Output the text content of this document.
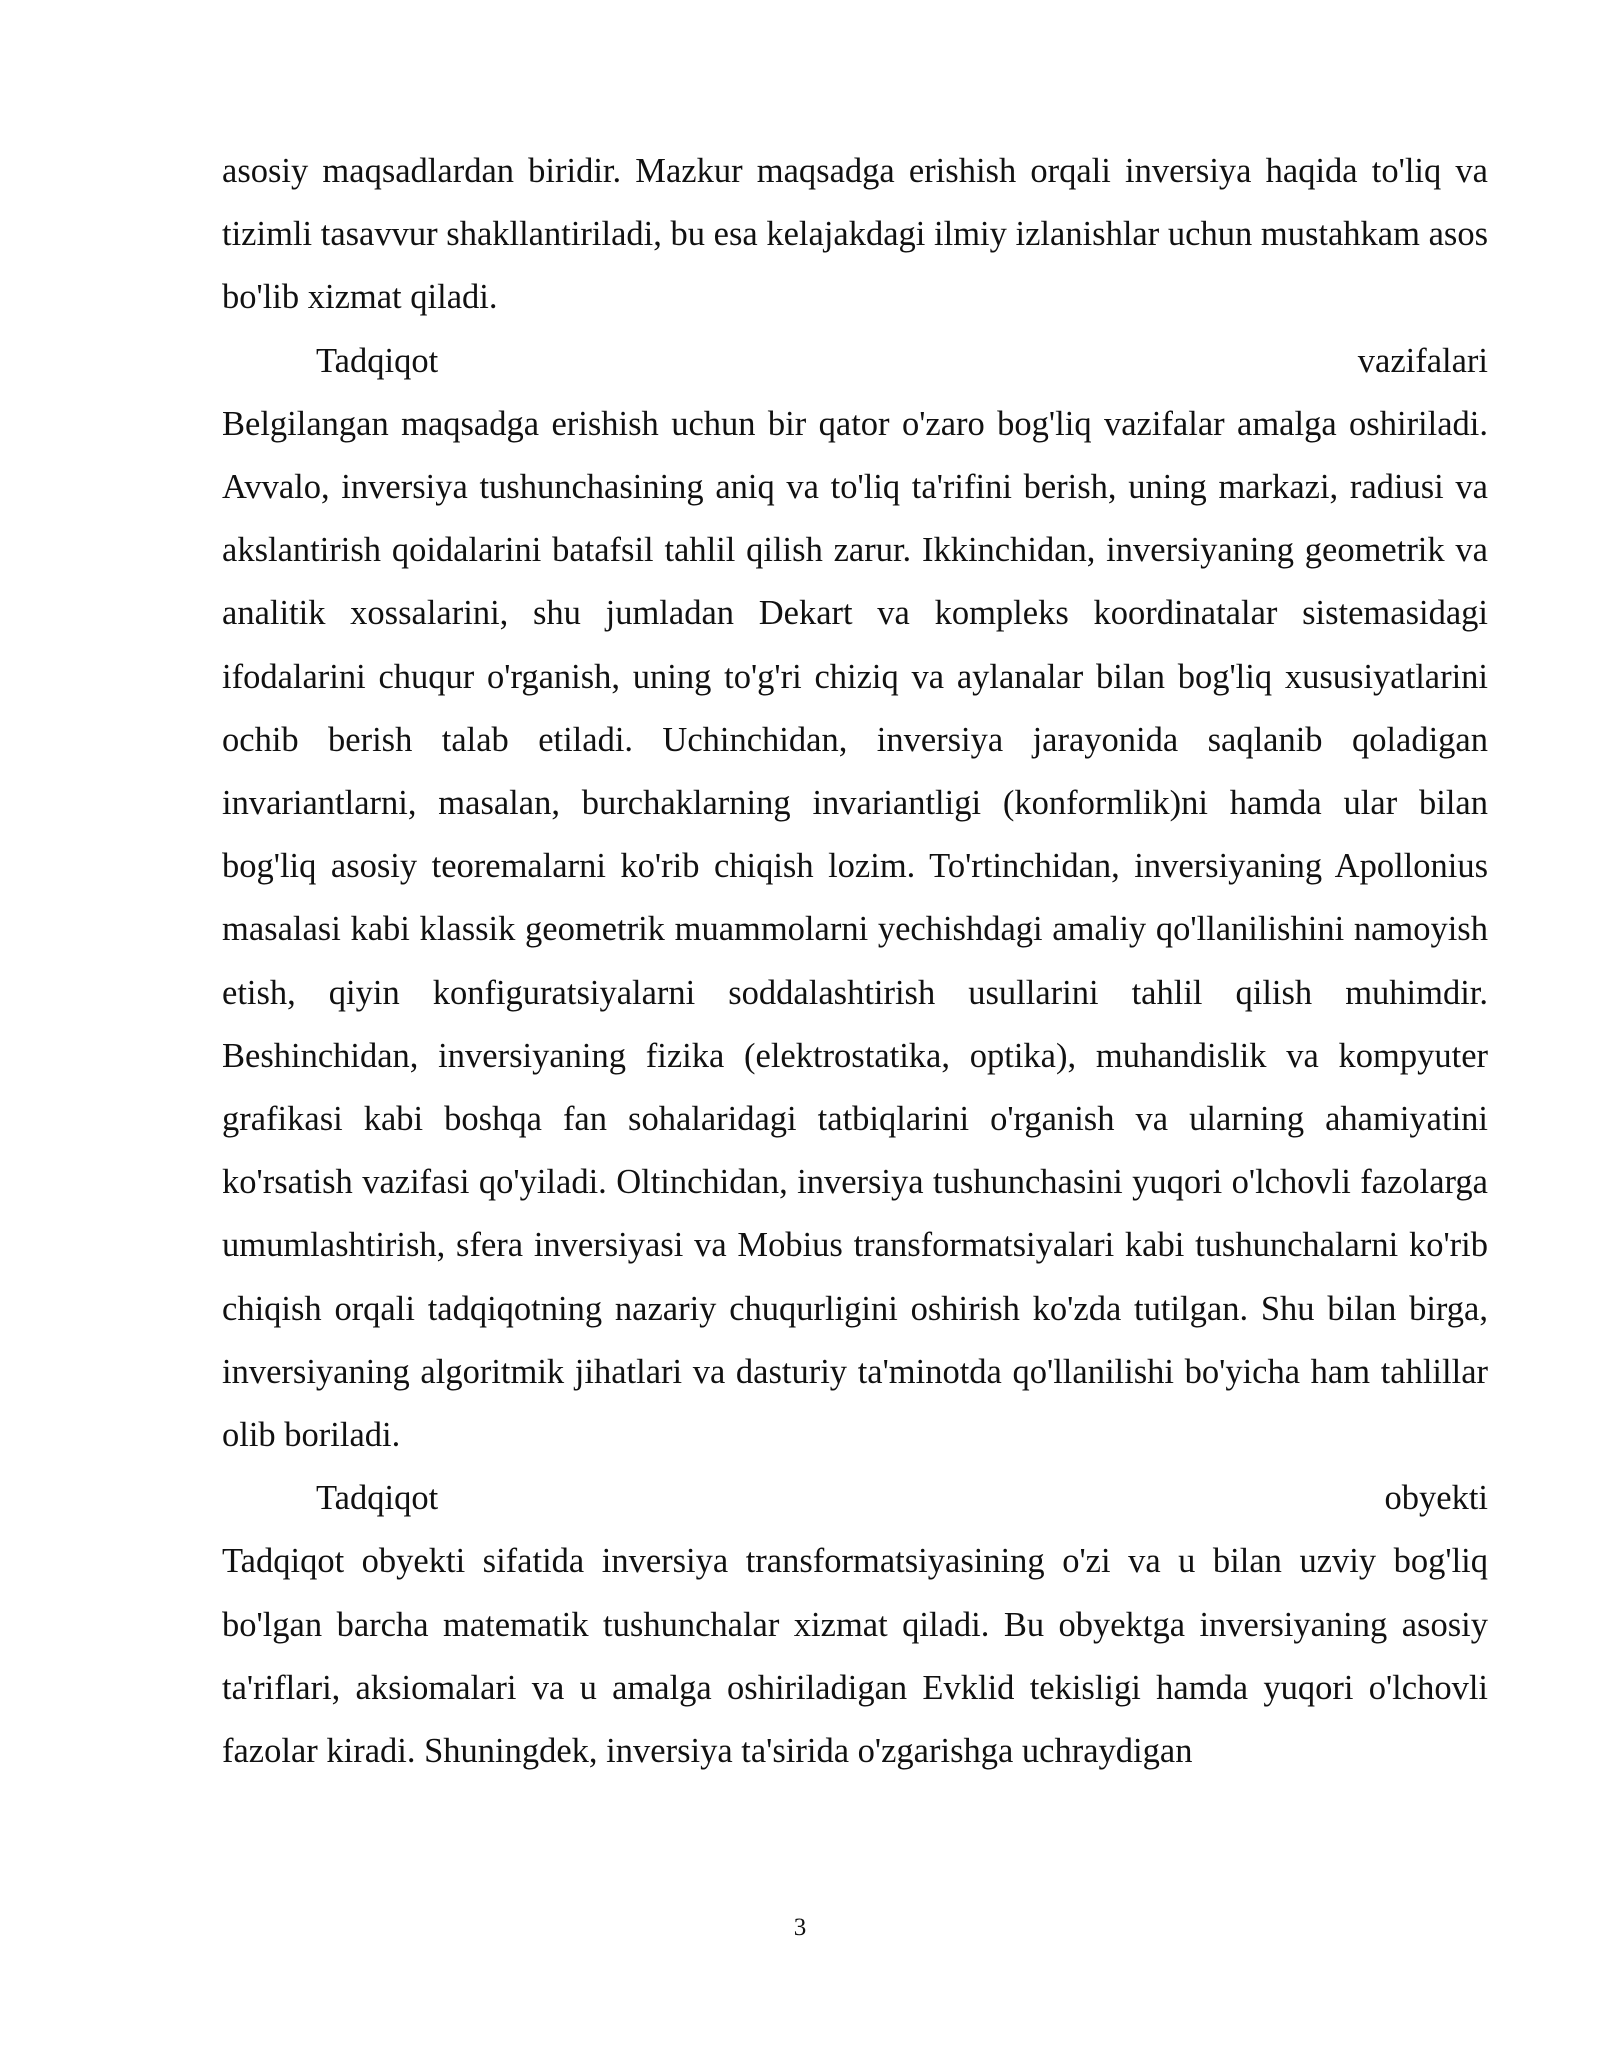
asosiy maqsadlardan biridir. Mazkur maqsadga erishish orqali inversiya haqida to'liq va tizimli tasavvur shakllantiriladi, bu esa kelajakdagi ilmiy izlanishlar uchun mustahkam asos bo'lib xizmat qiladi.

Tadqiqot	vazifalari

Belgilangan maqsadga erishish uchun bir qator o'zaro bog'liq vazifalar amalga oshiriladi. Avvalo, inversiya tushunchasining aniq va to'liq ta'rifini berish, uning markazi, radiusi va akslantirish qoidalarini batafsil tahlil qilish zarur. Ikkinchidan, inversiyaning geometrik va analitik xossalarini, shu jumladan Dekart va kompleks koordinatalar sistemasidagi ifodalarini chuqur o'rganish, uning to'g'ri chiziq va aylanalar bilan bog'liq xususiyatlarini ochib berish talab etiladi. Uchinchidan, inversiya jarayonida saqlanib qoladigan invariantlarni, masalan, burchaklarning invariantligi (konformlik)ni hamda ular bilan bog'liq asosiy teoremalarni ko'rib chiqish lozim. To'rtinchidan, inversiyaning Apollonius masalasi kabi klassik geometrik muammolarni yechishdagi amaliy qo'llanilishini namoyish etish, qiyin konfiguratsiyalarni soddalashtirish usullarini tahlil qilish muhimdir. Beshinchidan, inversiyaning fizika (elektrostatika, optika), muhandislik va kompyuter grafikasi kabi boshqa fan sohalaridagi tatbiqlarini o'rganish va ularning ahamiyatini ko'rsatish vazifasi qo'yiladi. Oltinchidan, inversiya tushunchasini yuqori o'lchovli fazolarga umumlashtirish, sfera inversiyasi va Mobius transformatsiyalari kabi tushunchalarni ko'rib chiqish orqali tadqiqotning nazariy chuqurligini oshirish ko'zda tutilgan. Shu bilan birga, inversiyaning algoritmik jihatlari va dasturiy ta'minotda qo'llanilishi bo'yicha ham tahlillar olib boriladi.

Tadqiqot	obyekti

Tadqiqot obyekti sifatida inversiya transformatsiyasining o'zi va u bilan uzviy bog'liq bo'lgan barcha matematik tushunchalar xizmat qiladi. Bu obyektga inversiyaning asosiy ta'riflari, aksiomalari va u amalga oshiriladigan Evklid tekisligi hamda yuqori o'lchovli fazolar kiradi. Shuningdek, inversiya ta'sirida o'zgarishga uchraydigan

3
